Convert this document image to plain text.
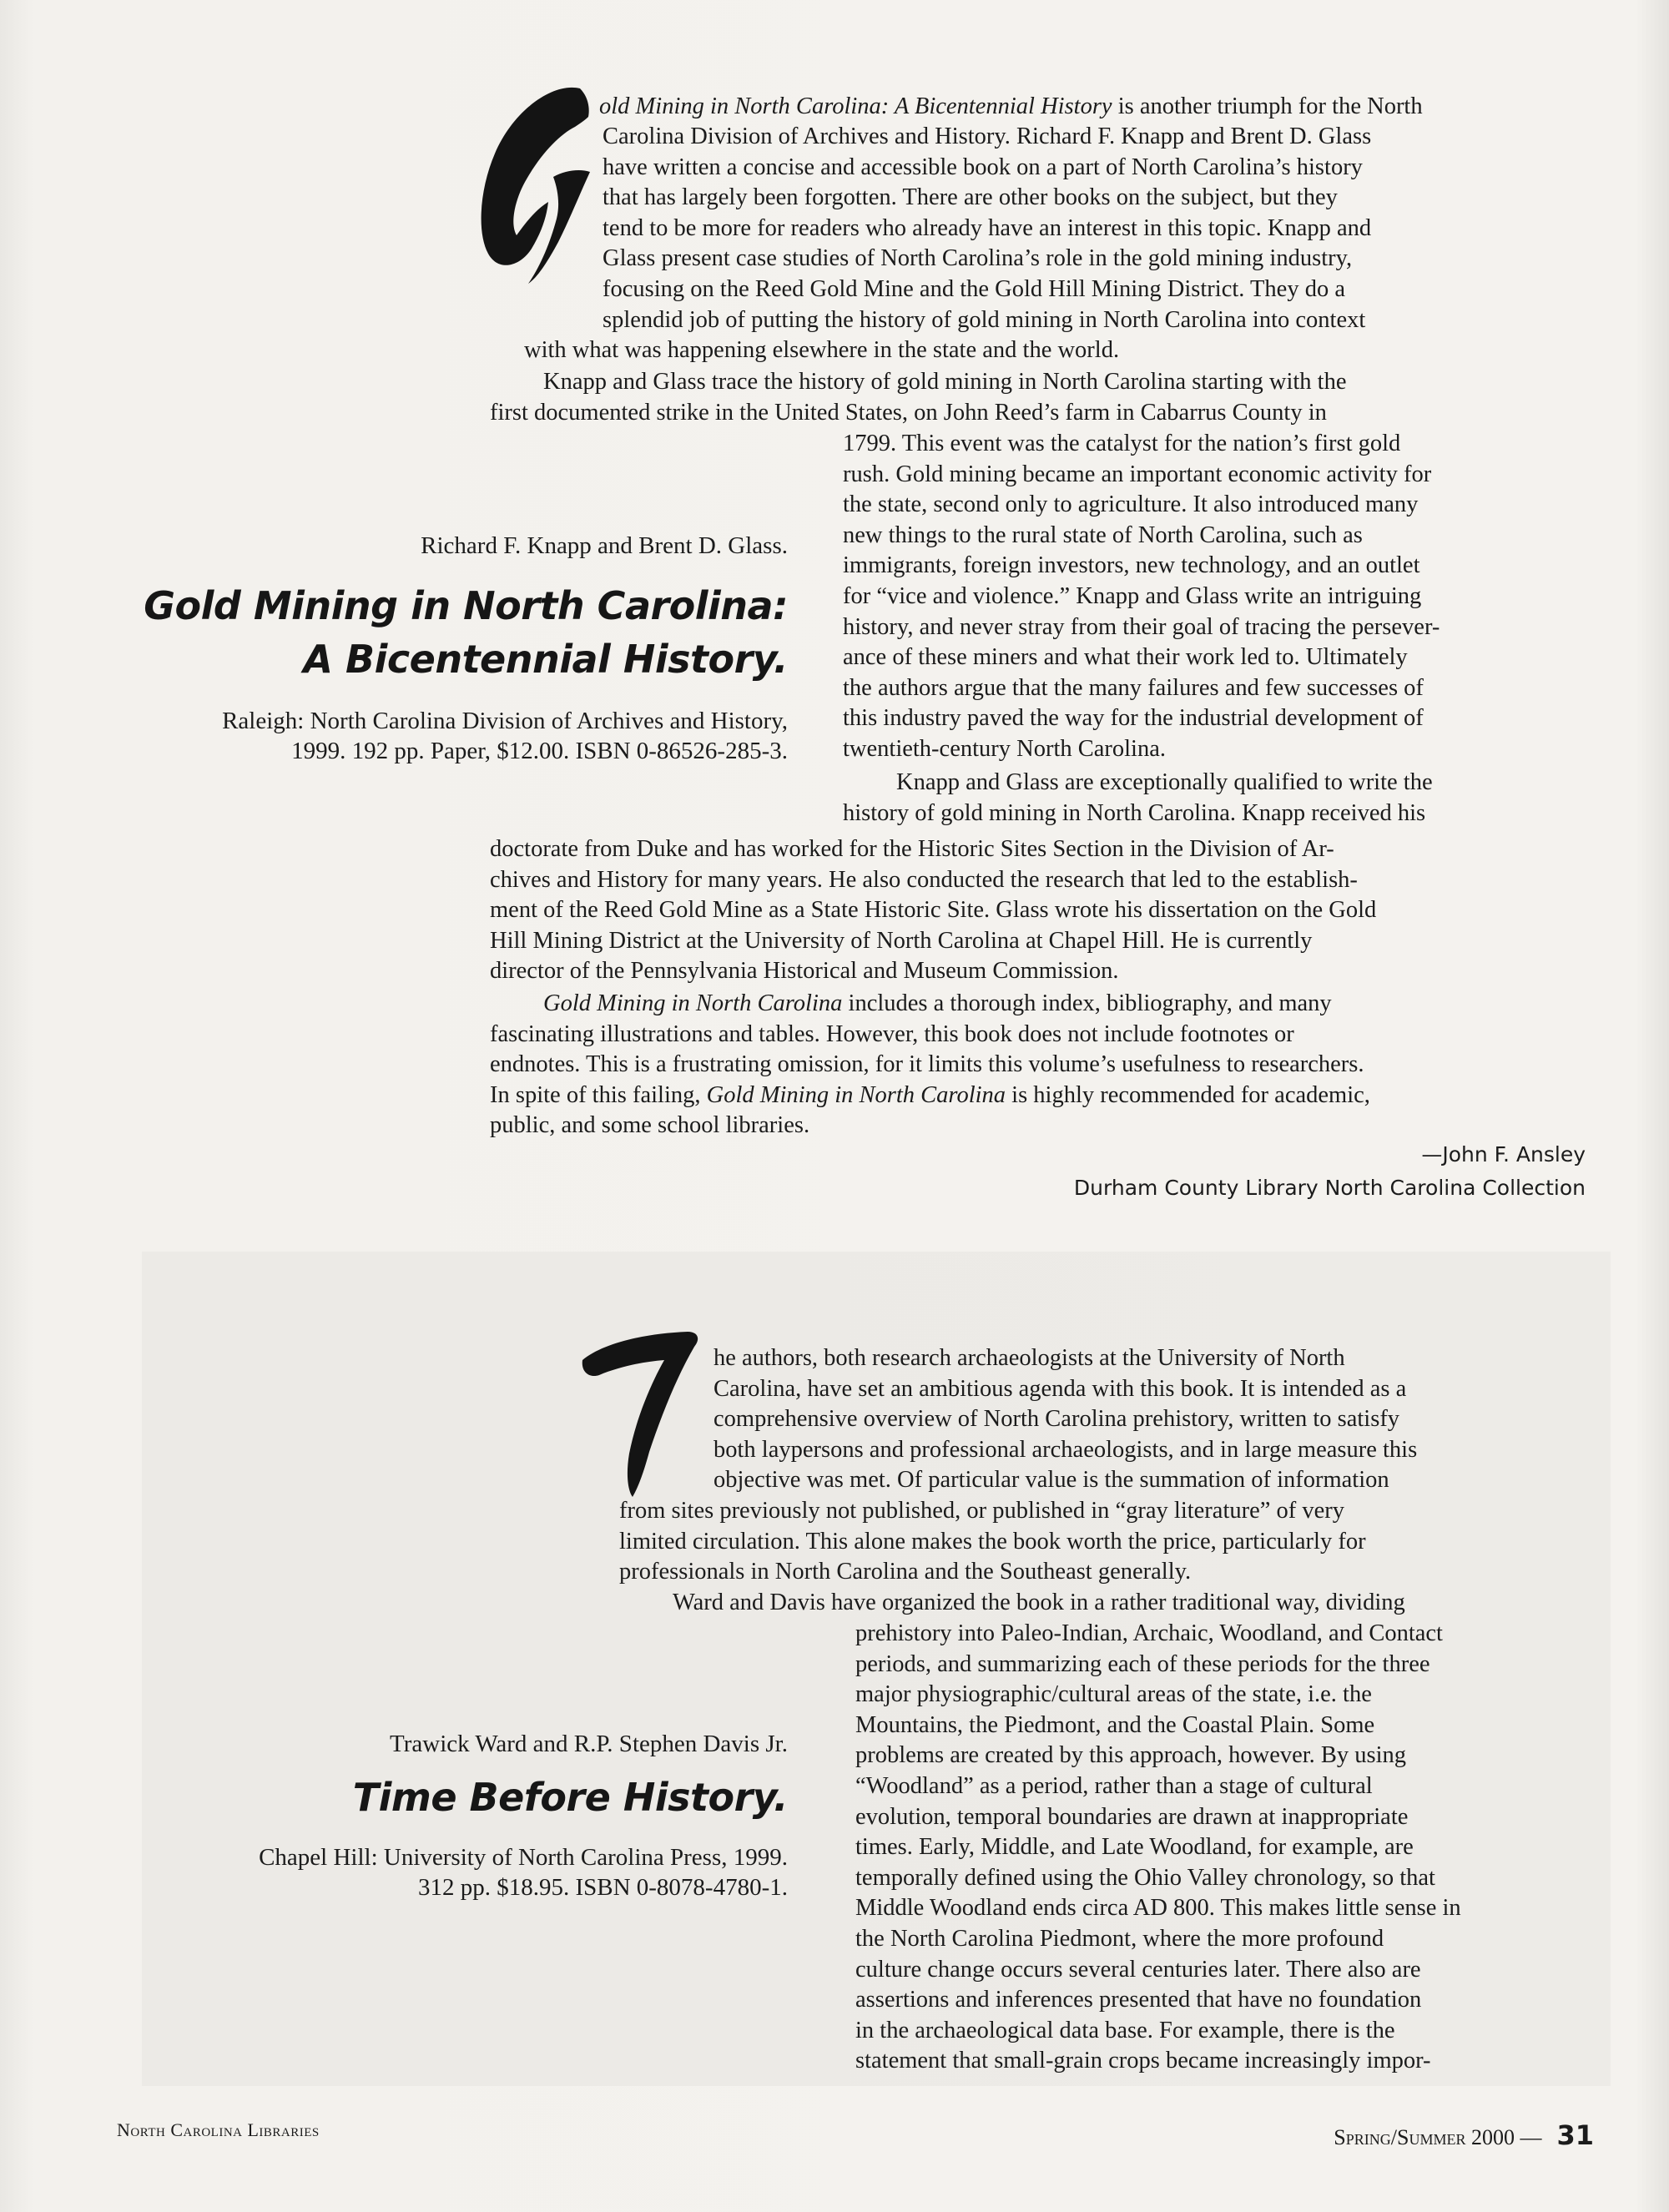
old Mining in North Carolina: A Bicentennial History is another triumph for the North

Carolina Division of Archives and History. Richard F. Knapp and Brent D. Glass
have written a concise and accessible book on a part of North Carolina’s history
that has largely been forgotten. There are other books on the subject, but they
tend to be more for readers who already have an interest in this topic. Knapp and
Glass present case studies of North Carolina’s role in the gold mining industry,
focusing on the Reed Gold Mine and the Gold Hill Mining District. They do a
splendid job of putting the history of gold mining in North Carolina into context

with what was happening elsewhere in the state and the world.

Knapp and Glass trace the history of gold mining in North Carolina starting with the
first documented strike in the United States, on John Reed’s farm in Cabarrus County in

1799. This event was the catalyst for the nation’s first gold
rush. Gold mining became an important economic activity for
the state, second only to agriculture. It also introduced many
new things to the rural state of North Carolina, such as
immigrants, foreign investors, new technology, and an outlet
for “vice and violence.” Knapp and Glass write an intriguing
history, and never stray from their goal of tracing the persever-
ance of these miners and what their work led to. Ultimately
the authors argue that the many failures and few successes of
this industry paved the way for the industrial development of
twentieth-century North Carolina.

Knapp and Glass are exceptionally qualified to write the
history of gold mining in North Carolina. Knapp received his

doctorate from Duke and has worked for the Historic Sites Section in the Division of Ar-
chives and History for many years. He also conducted the research that led to the establish-
ment of the Reed Gold Mine as a State Historic Site. Glass wrote his dissertation on the Gold
Hill Mining District at the University of North Carolina at Chapel Hill. He is currently
director of the Pennsylvania Historical and Museum Commission.

Gold Mining in North Carolina includes a thorough index, bibliography, and many
fascinating illustrations and tables. However, this book does not include footnotes or
endnotes. This is a frustrating omission, for it limits this volume’s usefulness to researchers.
In spite of this failing, Gold Mining in North Carolina is highly recommended for academic,
public, and some school libraries.

Richard F. Knapp and Brent D. Glass.
Gold Mining in North Carolina:
A Bicentennial History.
Raleigh: North Carolina Division of Archives and History,
1999. 192 pp. Paper, $12.00. ISBN 0-86526-285-3.
—John F. Ansley
Durham County Library North Carolina Collection

he authors, both research archaeologists at the University of North
Carolina, have set an ambitious agenda with this book. It is intended as a
comprehensive overview of North Carolina prehistory, written to satisfy
both laypersons and professional archaeologists, and in large measure this
objective was met. Of particular value is the summation of information

from sites previously not published, or published in “gray literature” of very
limited circulation. This alone makes the book worth the price, particularly for
professionals in North Carolina and the Southeast generally.
Ward and Davis have organized the book in a rather traditional way, dividing

prehistory into Paleo-Indian, Archaic, Woodland, and Contact
periods, and summarizing each of these periods for the three
major physiographic/cultural areas of the state, i.e. the
Mountains, the Piedmont, and the Coastal Plain. Some
problems are created by this approach, however. By using
“Woodland” as a period, rather than a stage of cultural
evolution, temporal boundaries are drawn at inappropriate
times. Early, Middle, and Late Woodland, for example, are
temporally defined using the Ohio Valley chronology, so that
Middle Woodland ends circa AD 800. This makes little sense in
the North Carolina Piedmont, where the more profound
culture change occurs several centuries later. There also are
assertions and inferences presented that have no foundation
in the archaeological data base. For example, there is the
statement that small-grain crops became increasingly impor-

Trawick Ward and R.P. Stephen Davis Jr.
Time Before History.
Chapel Hill: University of North Carolina Press, 1999.
312 pp. $18.95. ISBN 0-8078-4780-1.
North Carolina Libraries	Spring/Summer 2000 — 31
